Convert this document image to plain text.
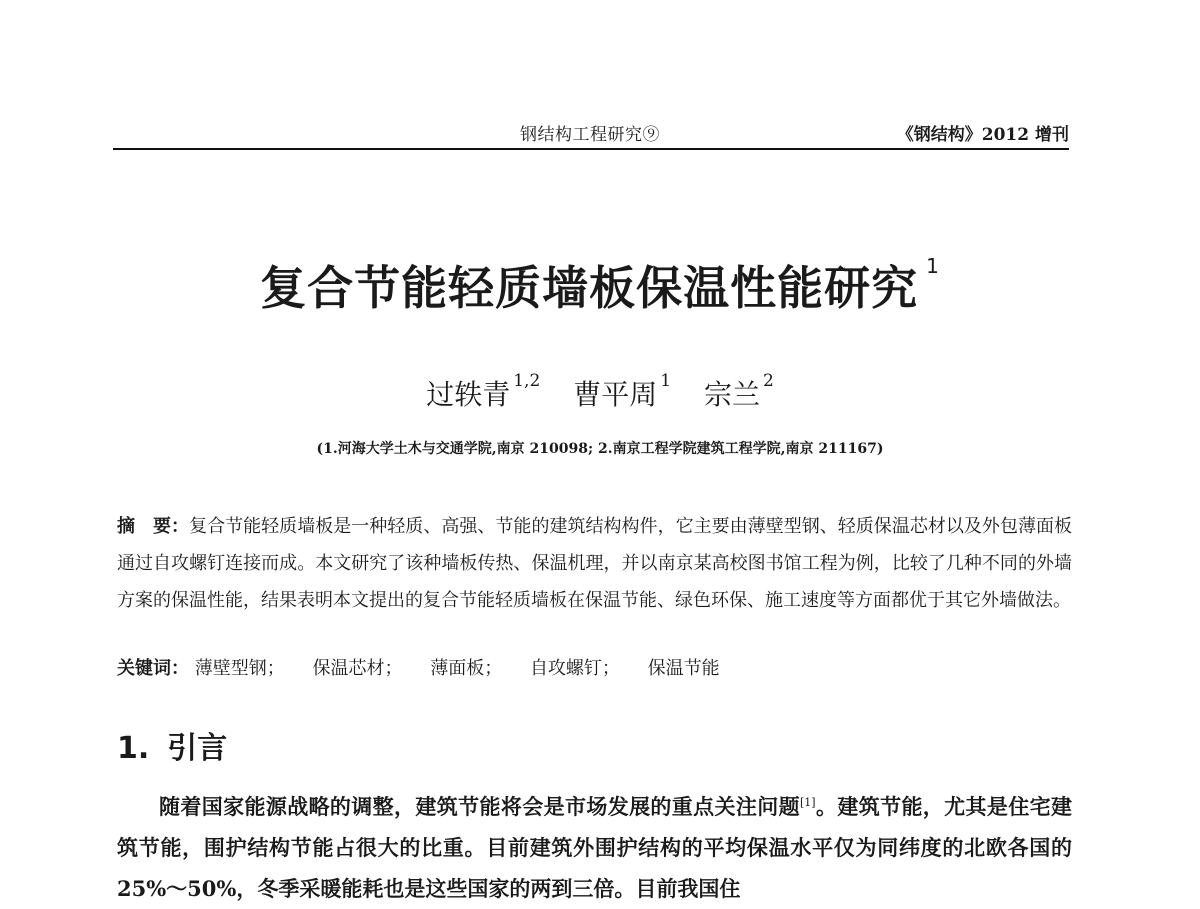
钢结构工程研究⑨	《钢结构》2012 增刊
复合节能轻质墙板保温性能研究 $^1$
过轶青 $^{1,2}$ 曹平周 $^1$ 宗兰 $^2$
(1.河海大学土木与交通学院,南京 210098; 2.南京工程学院建筑工程学院,南京 211167)
摘　要：复合节能轻质墙板是一种轻质、高强、节能的建筑结构构件，它主要由薄壁型钢、轻质保温芯材以及外包薄面板通过自攻螺钉连接而成。本文研究了该种墙板传热、保温机理，并以南京某高校图书馆工程为例，比较了几种不同的外墙方案的保温性能，结果表明本文提出的复合节能轻质墙板在保温节能、绿色环保、施工速度等方面都优于其它外墙做法。
关键词： 薄壁型钢； 保温芯材； 薄面板； 自攻螺钉； 保温节能
1. 引言
随着国家能源战略的调整，建筑节能将会是市场发展的重点关注问题[1]。建筑节能，尤其是住宅建筑节能，围护结构节能占很大的比重。目前建筑外围护结构的平均保温水平仅为同纬度的北欧各国的 25%～50%，冬季采暖能耗也是这些国家的两到三倍。目前我国住
